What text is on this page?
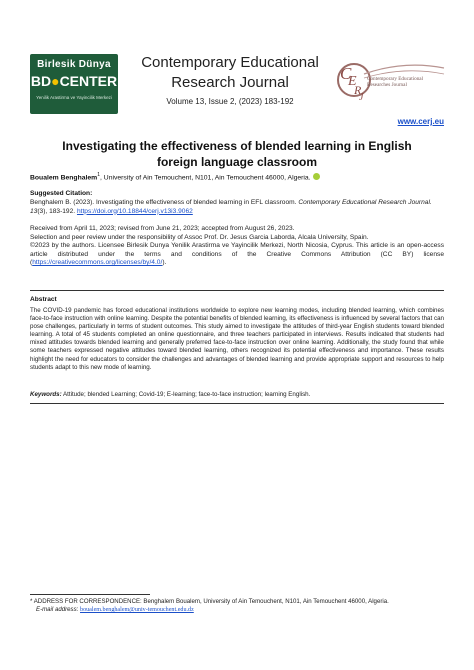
Birlesik Dünya
BD●CENTER
Yenilik Arastirma ve Yayincilik Merkezi
Contemporary Educational Research Journal
Volume 13, Issue 2, (2023) 183-192
C
E
R
J
Contemporary Educational
Researches Journal
www.cerj.eu
Investigating the effectiveness of blended learning in English foreign language classroom
Boualem Benghalem$^1$, University of Ain Temouchent, N101, Ain Temouchent 46000, Algeria.
Suggested Citation:
Benghalem B. (2023). Investigating the effectiveness of blended learning in EFL classroom. Contemporary Educational Research Journal. 13(3), 183-192. https://doi.org/10.18844/cerj.v13i3.9062

Received from April 11, 2023; revised from June 21, 2023; accepted from August 26, 2023.

Selection and peer review under the responsibility of Assoc Prof. Dr. Jesus Garcia Laborda, Alcala University, Spain.

©2023 by the authors. Licensee Birlesik Dunya Yenilik Arastirma ve Yayincilik Merkezi, North Nicosia, Cyprus. This article is an open-access article distributed under the terms and conditions of the Creative Commons Attribution (CC BY) license (https://creativecommons.org/licenses/by/4.0/).

Abstract
The COVID-19 pandemic has forced educational institutions worldwide to explore new learning modes, including blended learning, which combines face-to-face instruction with online learning. Despite the potential benefits of blended learning, its effectiveness is influenced by several factors that can pose challenges, particularly in terms of student outcomes. This study aimed to investigate the attitudes of third-year English students toward blended learning. A total of 45 students completed an online questionnaire, and three teachers participated in interviews. Results indicated that students had mixed attitudes towards blended learning and generally preferred face-to-face instruction over online learning. Additionally, the study found that while some teachers expressed negative attitudes toward blended learning, others recognized its potential effectiveness and importance. These results highlight the need for educators to consider the challenges and advantages of blended learning and provide appropriate support and resources to help students adapt to this new mode of learning.
Keywords: Attitude; blended Learning; Covid-19; E-learning; face-to-face instruction; learning English.
* ADDRESS FOR CORRESPONDENCE: Benghalem Boualem, University of Ain Temouchent, N101, Ain Temouchent 46000, Algeria.
E-mail address: boualem.benghalem@univ-temouchent.edu.dz
